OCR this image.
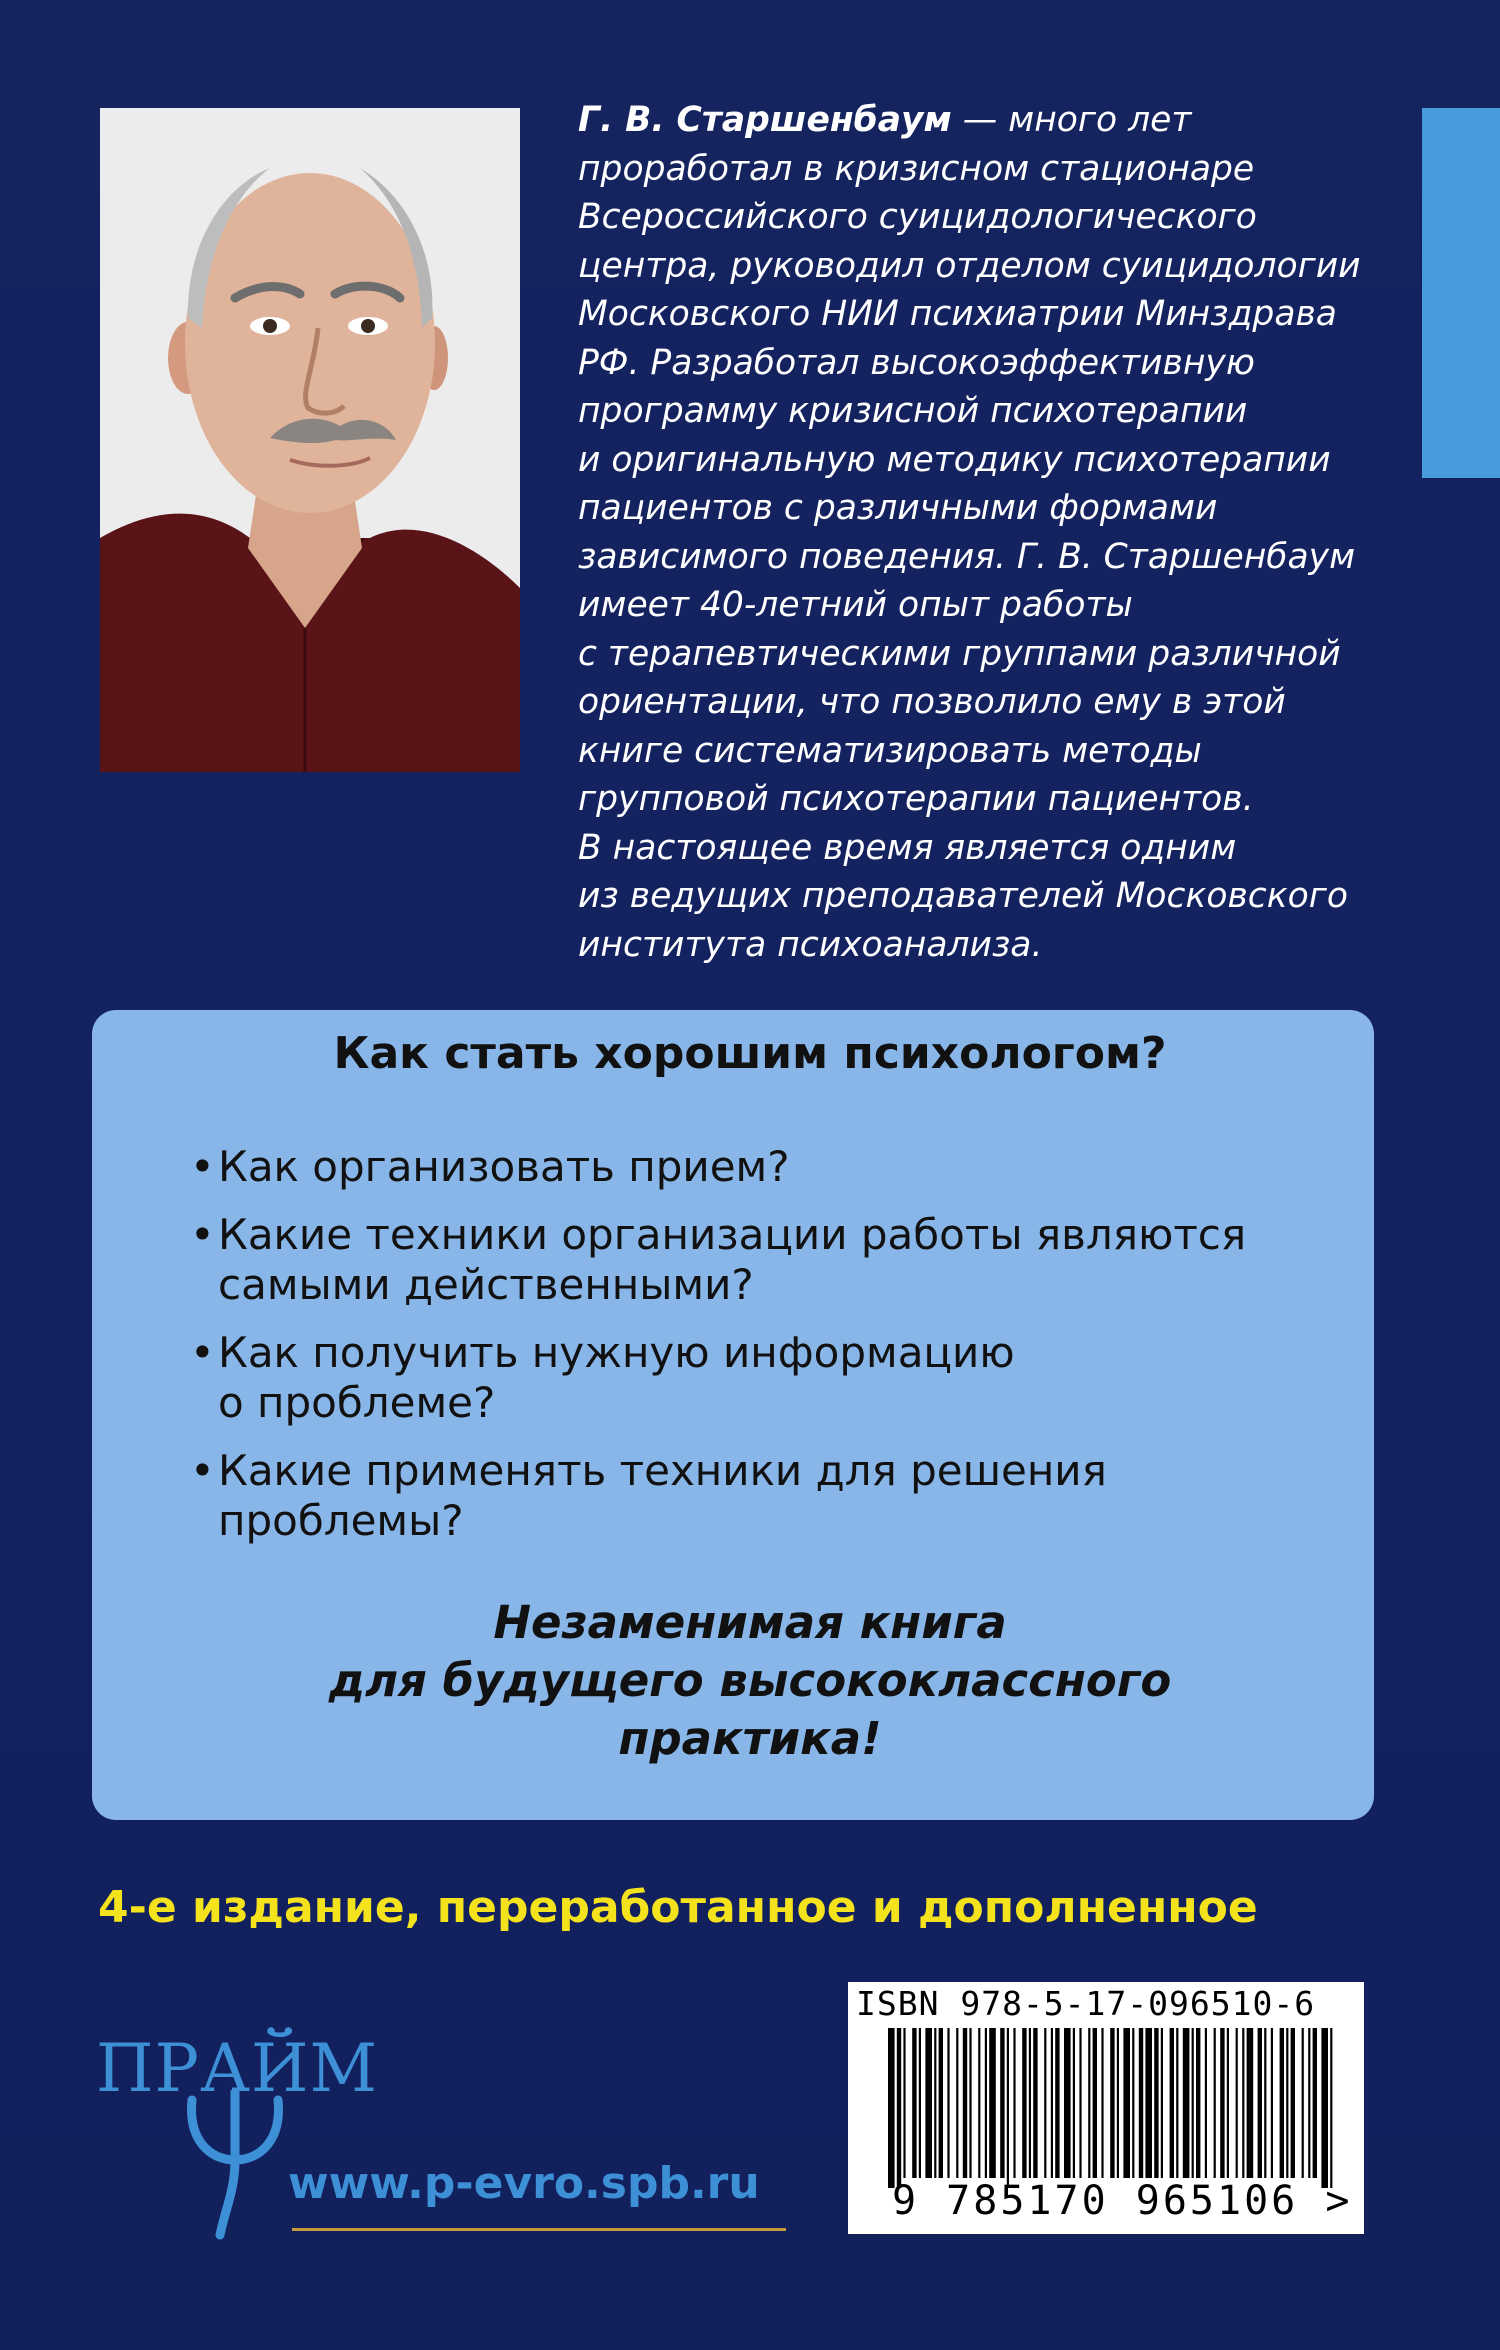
Г. В. Старшенбаум — много лет
проработал в кризисном стационаре
Всероссийского суицидологического
центра, руководил отделом суицидологии
Московского НИИ психиатрии Минздрава
РФ. Разработал высокоэффективную
программу кризисной психотерапии
и оригинальную методику психотерапии
пациентов с различными формами
зависимого поведения. Г. В. Старшенбаум
имеет 40-летний опыт работы
с терапевтическими группами различной
ориентации, что позволило ему в этой
книге систематизировать методы
групповой психотерапии пациентов.
В настоящее время является одним
из ведущих преподавателей Московского
института психоанализа.
Как стать хорошим психологом?
• Как организовать прием?
• Какие техники организации работы являются
самыми действенными?
• Как получить нужную информацию
о проблеме?
• Какие применять техники для решения
проблемы?
Незаменимая книга
для будущего высококлассного
практика!
4-е издание, переработанное и дополненное
ПРАЙМ
www.p-evro.spb.ru
ISBN 978-5-17-096510-6
9 785170 965106 >
